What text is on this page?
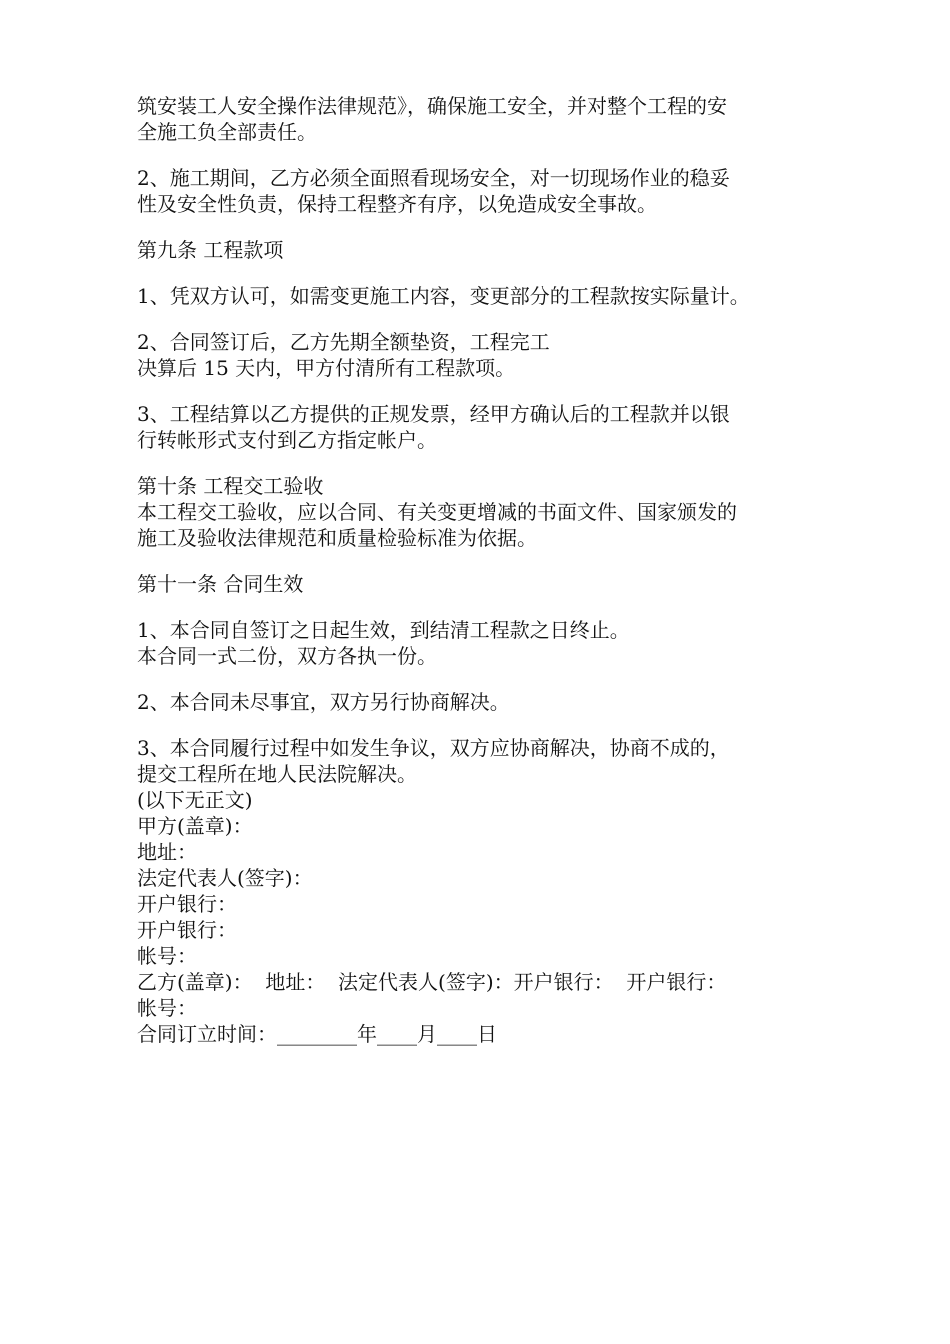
筑安装工人安全操作法律规范》，确保施工安全，并对整个工程的安
全施工负全部责任。
2、施工期间，乙方必须全面照看现场安全，对一切现场作业的稳妥
性及安全性负责，保持工程整齐有序，以免造成安全事故。
第九条 工程款项
1、凭双方认可，如需变更施工内容，变更部分的工程款按实际量计。
2、合同签订后，乙方先期全额垫资，工程完工
决算后 15 天内，甲方付清所有工程款项。
3、工程结算以乙方提供的正规发票，经甲方确认后的工程款并以银
行转帐形式支付到乙方指定帐户。
第十条 工程交工验收
本工程交工验收，应以合同、有关变更增减的书面文件、国家颁发的
施工及验收法律规范和质量检验标准为依据。
第十一条 合同生效
1、本合同自签订之日起生效，到结清工程款之日终止。
本合同一式二份，双方各执一份。
2、本合同未尽事宜，双方另行协商解决。
3、本合同履行过程中如发生争议，双方应协商解决，协商不成的，
提交工程所在地人民法院解决。
(以下无正文)
甲方(盖章)：
地址：
法定代表人(签字)：
开户银行：
开户银行：
帐号：
乙方(盖章)： 地址： 法定代表人(签字)： 开户银行： 开户银行：
帐号：
合同订立时间：________年____月____日
